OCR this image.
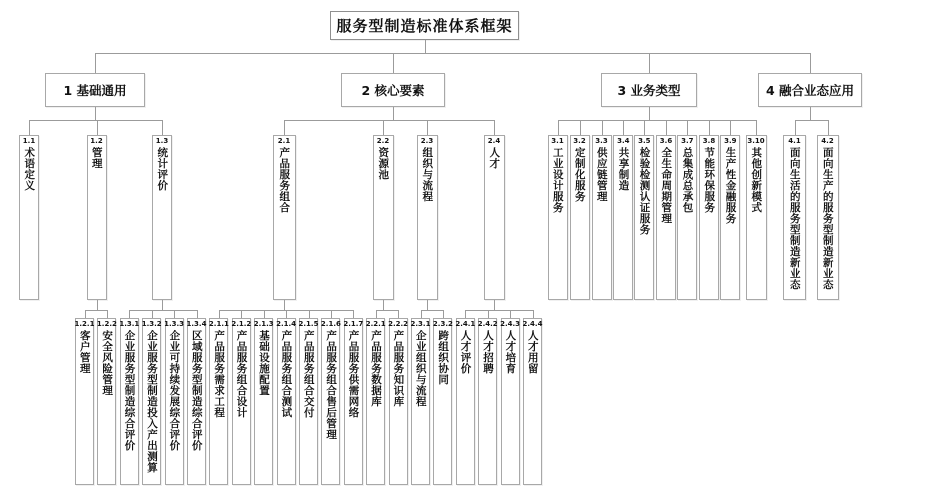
服务型制造标准体系框架
1 基础通用	2 核心要素	3 业务类型	4 融合业态应用
1.1
术语定义
1.2
管理
1.3
统计评价
2.1
产品服务组合
2.2
资源池
2.3
组织与流程
2.4
人才
3.1
工业设计服务
3.2
定制化服务
3.3
供应链管理
3.4
共享制造
3.5
检验检测认证服务
3.6
全生命周期管理
3.7
总集成总承包
3.8
节能环保服务
3.9
生产性金融服务
3.10
其他创新模式
4.1
面向生活的服务型制造新业态
4.2
面向生产的服务型制造新业态
1.2.1
客户管理
1.2.2
安全风险管理
1.3.1
企业服务型制造综合评价
1.3.2
企业服务型制造投入产出测算
1.3.3
企业可持续发展综合评价
1.3.4
区域服务型制造综合评价
2.1.1
产品服务需求工程
2.1.2
产品服务组合设计
2.1.3
基础设施配置
2.1.4
产品服务组合测试
2.1.5
产品服务组合交付
2.1.6
产品服务组合售后管理
2.1.7
产品服务供需网络
2.2.1
产品服务数据库
2.2.2
产品服务知识库
2.3.1
企业组织与流程
2.3.2
跨组织协同
2.4.1
人才评价
2.4.2
人才招聘
2.4.3
人才培育
2.4.4
人才用留
